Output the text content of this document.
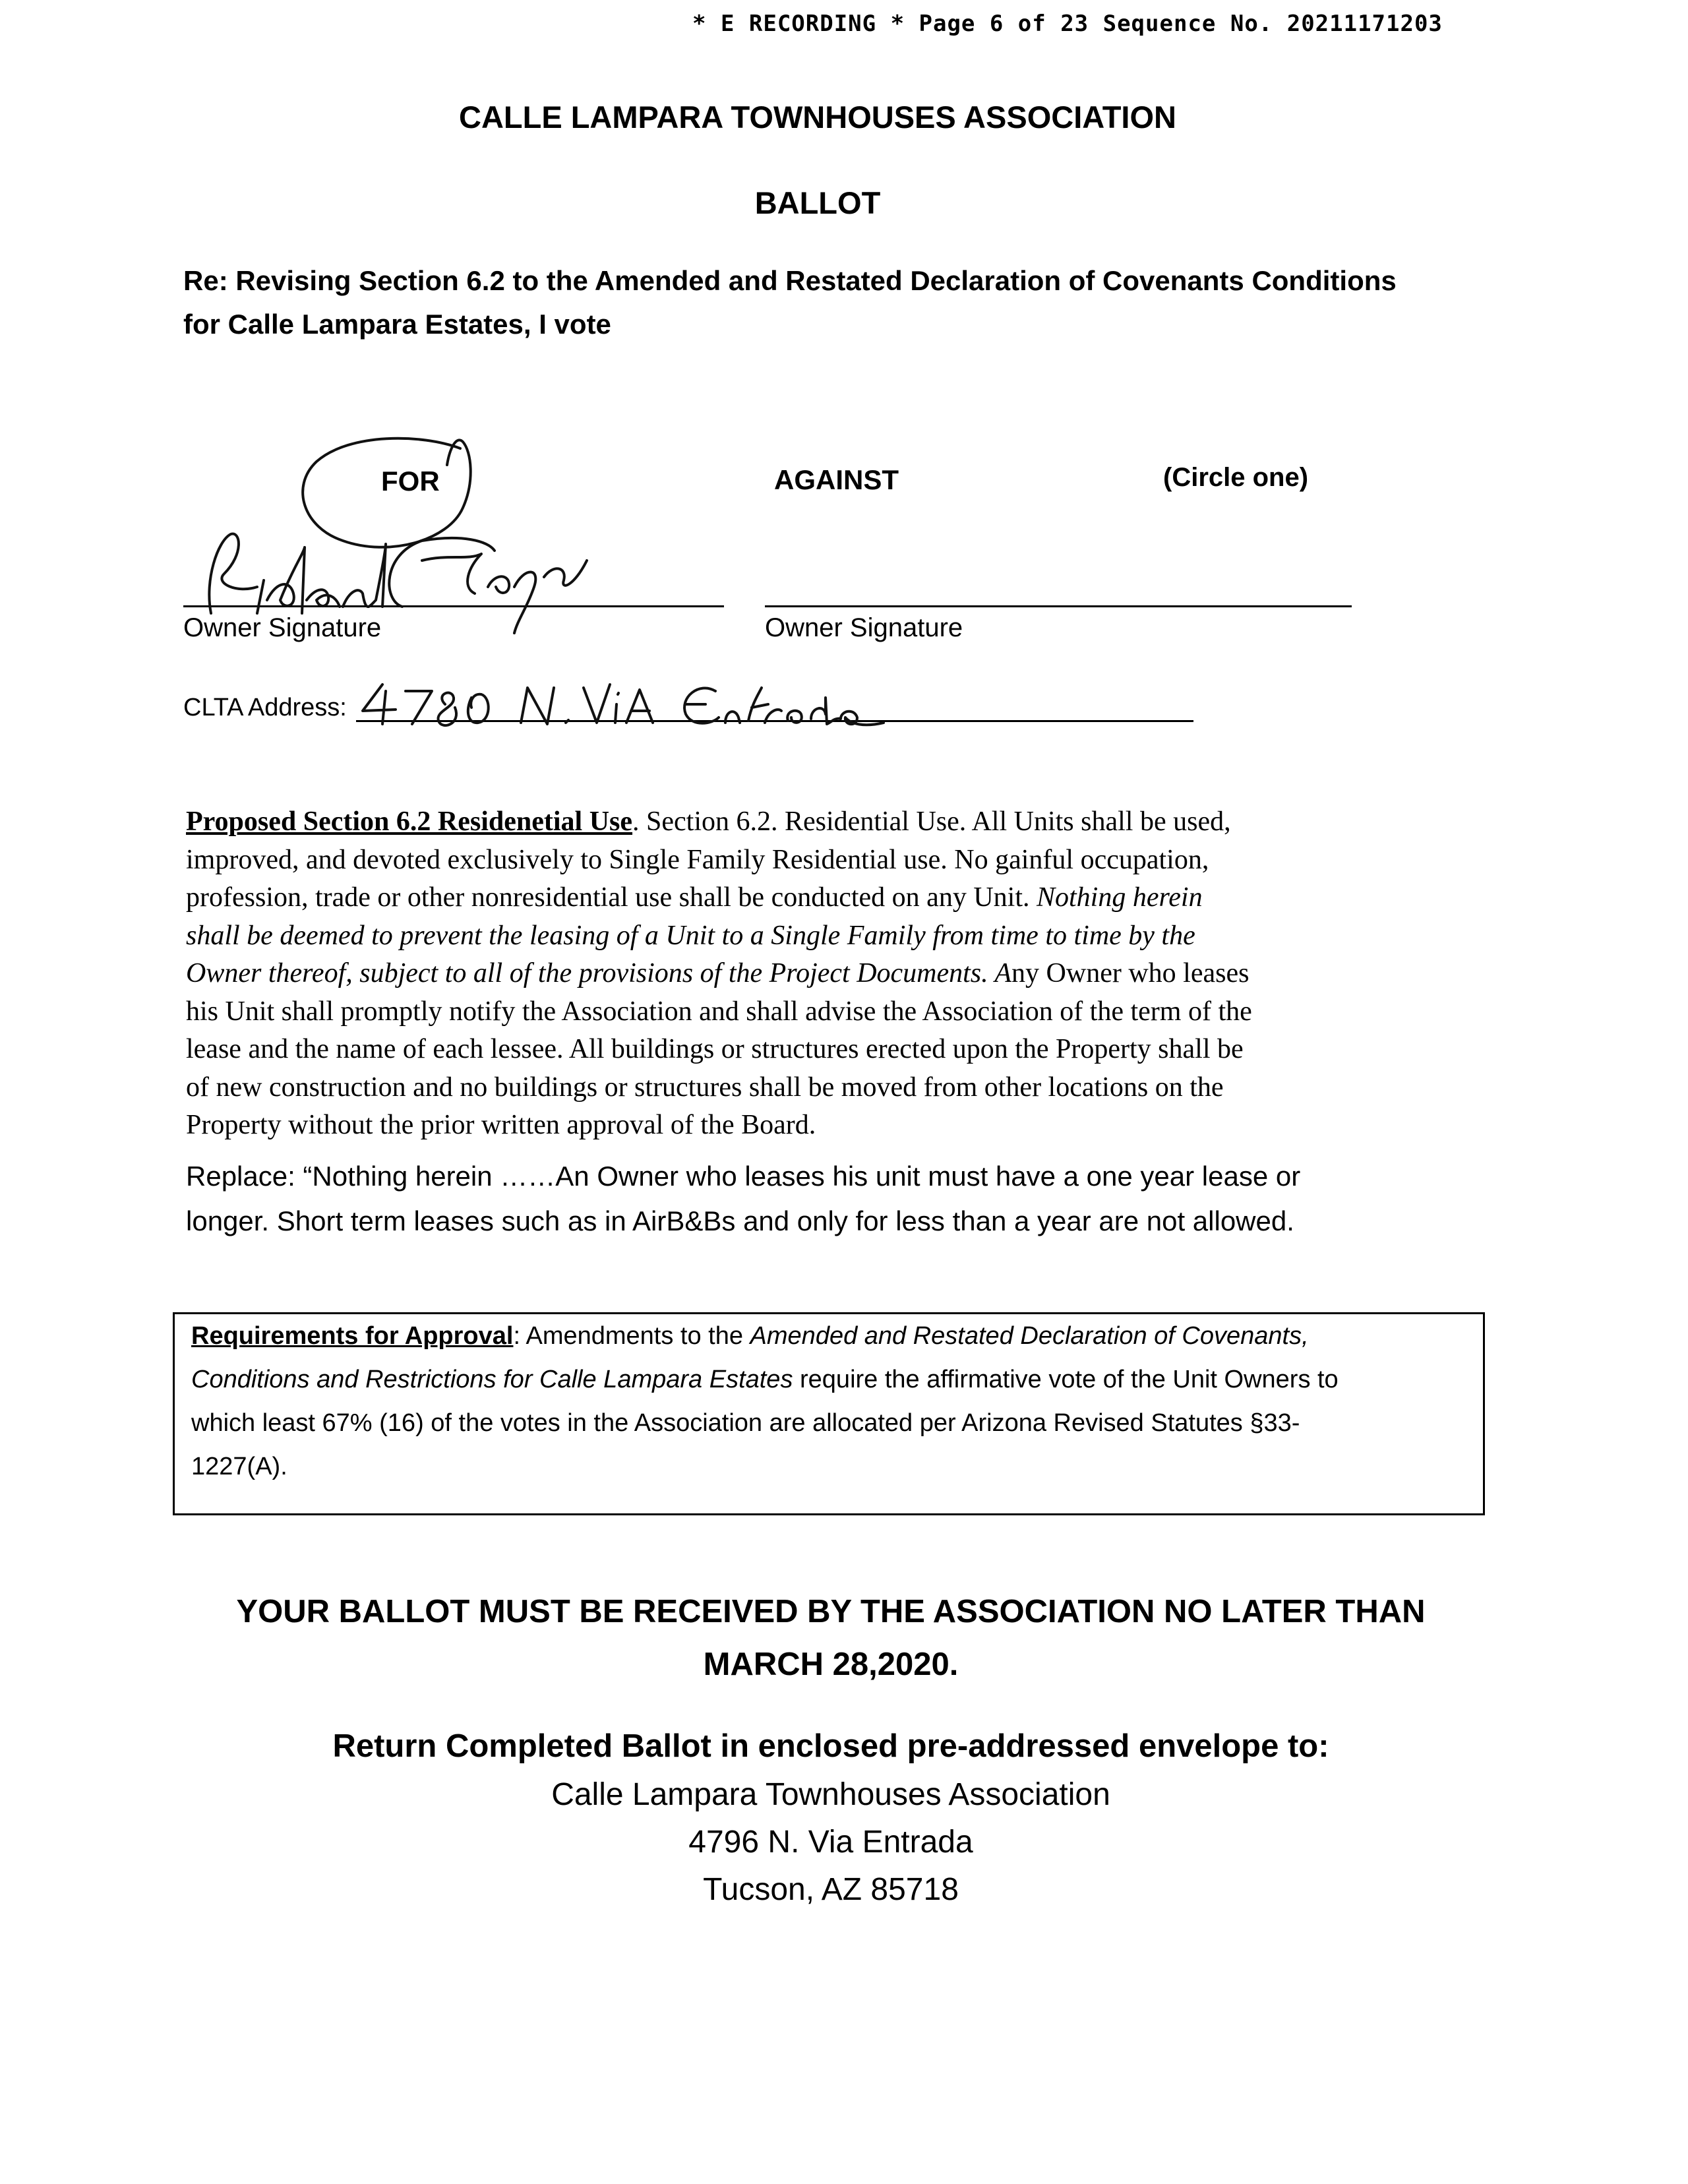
* E RECORDING * Page 6 of 23 Sequence No. 20211171203
CALLE LAMPARA TOWNHOUSES ASSOCIATION
BALLOT
Re: Revising Section 6.2 to the Amended and Restated Declaration of Covenants Conditions
for Calle Lampara Estates, I vote
FOR	AGAINST	(Circle one)
Owner Signature	Owner Signature
CLTA Address:
Proposed Section 6.2 Residenetial Use. Section 6.2. Residential Use. All Units shall be used,
improved, and devoted exclusively to Single Family Residential use. No gainful occupation,
profession, trade or other nonresidential use shall be conducted on any Unit. Nothing herein
shall be deemed to prevent the leasing of a Unit to a Single Family from time to time by the
Owner thereof, subject to all of the provisions of the Project Documents. Any Owner who leases
his Unit shall promptly notify the Association and shall advise the Association of the term of the
lease and the name of each lessee. All buildings or structures erected upon the Property shall be
of new construction and no buildings or structures shall be moved from other locations on the
Property without the prior written approval of the Board.
Replace: “Nothing herein ……An Owner who leases his unit must have a one year lease or
longer. Short term leases such as in AirB&Bs and only for less than a year are not allowed.
Requirements for Approval: Amendments to the Amended and Restated Declaration of Covenants,
Conditions and Restrictions for Calle Lampara Estates require the affirmative vote of the Unit Owners to
which least 67% (16) of the votes in the Association are allocated per Arizona Revised Statutes §33-
1227(A).
YOUR BALLOT MUST BE RECEIVED BY THE ASSOCIATION NO LATER THAN
MARCH 28,2020.
Return Completed Ballot in enclosed pre-addressed envelope to:
Calle Lampara Townhouses Association
4796 N. Via Entrada
Tucson, AZ 85718
